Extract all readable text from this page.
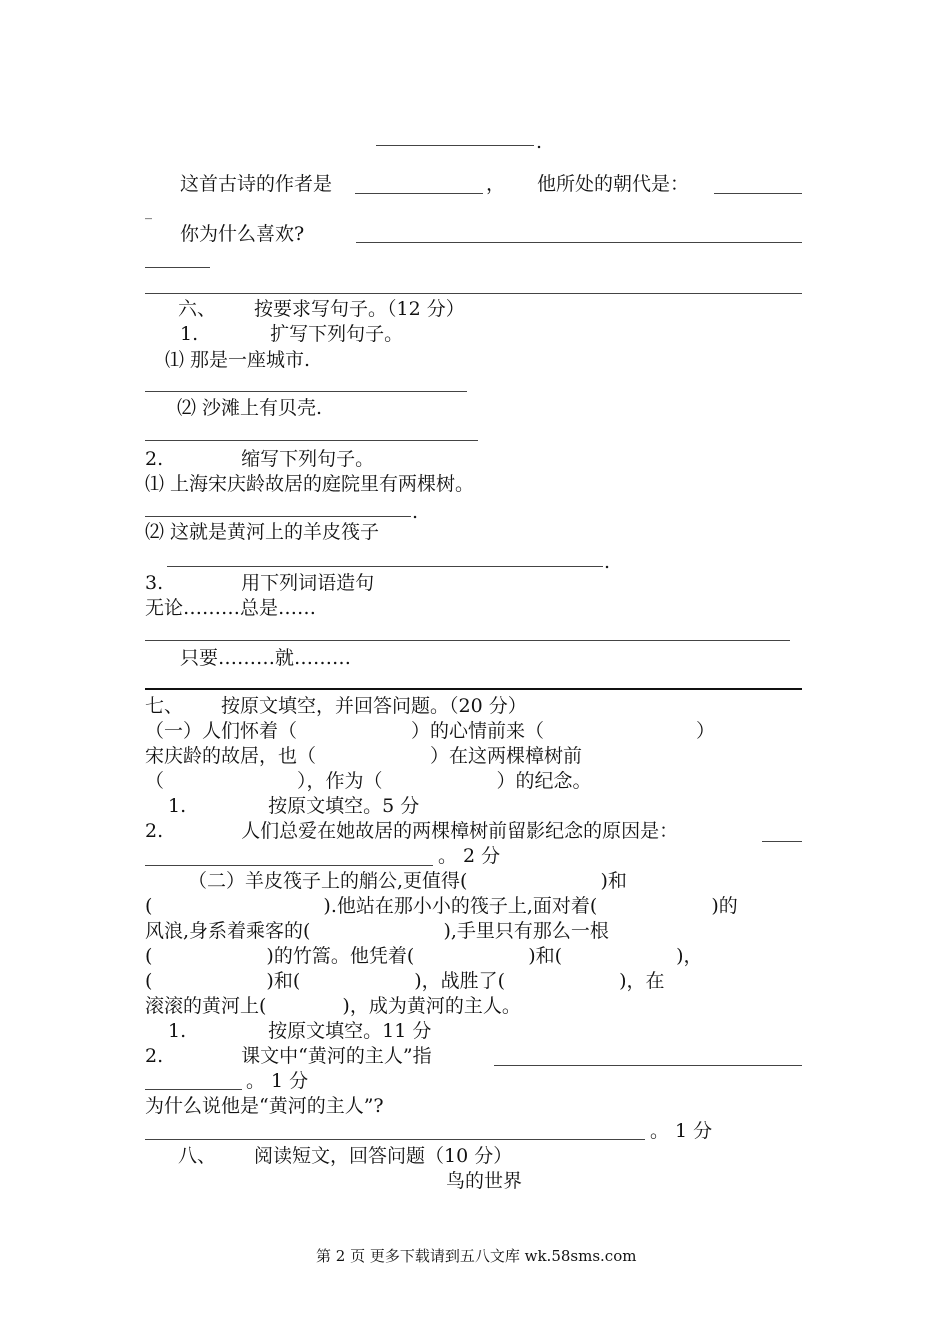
.
这首古诗的作者是	， 他所处的朝代是：
_
你为什么喜欢?
六、 按要求写句子。（12 分）
1.	扩写下列句子。
⑴ 那是一座城市.
⑵ 沙滩上有贝壳.
2.	缩写下列句子。
⑴ 上海宋庆龄故居的庭院里有两棵树。
.
⑵ 这就是黄河上的羊皮筏子
.
3.	用下列词语造句
无论………总是……
只要………就………
七、 按原文填空，并回答问题。（20 分）
（一）人们怀着（　　　　　　）的心情前来（　　　　　　　　）
宋庆龄的故居，也（　　　　　　）在这两棵樟树前
（　　　　　　　），作为（　　　　　　）的纪念。
1.	按原文填空。5 分
2.	人们总爱在她故居的两棵樟树前留影纪念的原因是：
。 2 分
（二）羊皮筏子上的艄公,更值得(　　　　　　　)和
(　　　　　　　　　).他站在那小小的筏子上,面对着(　　　　　　)的
风浪,身系着乘客的(　　　　　　　),手里只有那么一根
(　　　　　　)的竹篙。他凭着(　　　　　　)和(　　　　　　)，
(　　　　　　)和(　　　　　　)，战胜了(　　　　　　)，在
滚滚的黄河上(　　　　)，成为黄河的主人。
1.	按原文填空。11 分
2.	课文中“黄河的主人”指
。 1 分
为什么说他是“黄河的主人”?
。 1 分
八、 阅读短文，回答问题（10 分）
鸟的世界
第 2 页 更多下载请到五八文库 wk.58sms.com
